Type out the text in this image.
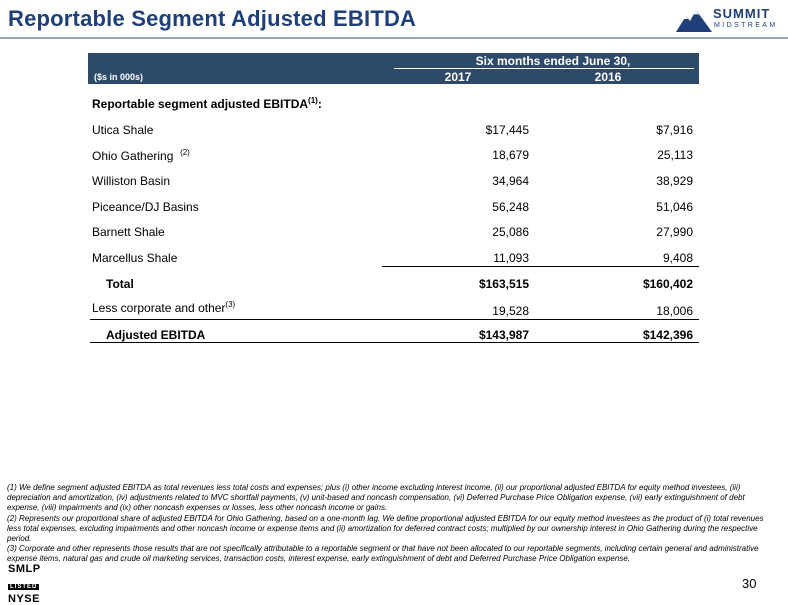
Reportable Segment Adjusted EBITDA	SUMMIT
MIDSTREAM
Six months ended June 30,
($s in 000s)	2017	2016
Reportable segment adjusted EBITDA$^{(1)}$:
Utica Shale	$17,445	$7,916
Ohio Gathering $^{(2)}$	18,679	25,113
Williston Basin	34,964	38,929
Piceance/DJ Basins	56,248	51,046
Barnett Shale	25,086	27,990
Marcellus Shale	11,093	9,408
Total	$163,515	$160,402
Less corporate and other$^{(3)}$	19,528	18,006
Adjusted EBITDA	$143,987	$142,396

(1) We define segment adjusted EBITDA as total revenues less total costs and expenses; plus (i) other income excluding interest income, (ii) our proportional adjusted EBITDA for equity method investees, (iii) depreciation and amortization, (iv) adjustments related to MVC shortfall payments, (v) unit-based and noncash compensation, (vi) Deferred Purchase Price Obligation expense, (vii) early extinguishment of debt expense, (viii) impairments and (ix) other noncash expenses or losses, less other noncash income or gains.

(2) Represents our proportional share of adjusted EBITDA for Ohio Gathering, based on a one-month lag. We define proportional adjusted EBITDA for our equity method investees as the product of (i) total revenues less total expenses, excluding impairments and other noncash income or expense items and (ii) amortization for deferred contract costs; multiplied by our ownership interest in Ohio Gathering during the respective period.

(3) Corporate and other represents those results that are not specifically attributable to a reportable segment or that have not been allocated to our reportable segments, including certain general and administrative expense items, natural gas and crude oil marketing services, transaction costs, interest expense, early extinguishment of debt and Deferred Purchase Price Obligation expense.

SMLP
LISTED
NYSE
30
